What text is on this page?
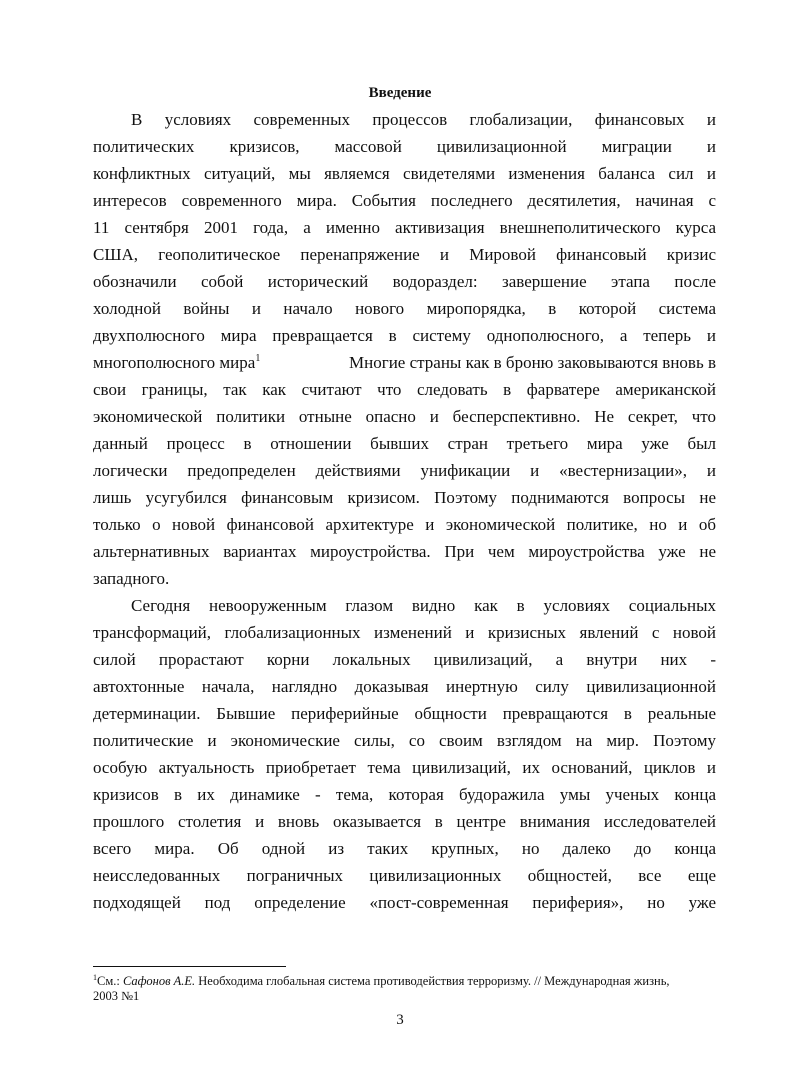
Введение
В условиях современных процессов глобализации, финансовых и
политических кризисов, массовой цивилизационной миграции и
конфликтных ситуаций, мы являемся свидетелями изменения баланса сил и
интересов современного мира. События последнего десятилетия, начиная с
11 сентября 2001 года, а именно активизация внешнеполитического курса
США, геополитическое перенапряжение и Мировой финансовый кризис
обозначили собой исторический водораздел: завершение этапа после
холодной войны и начало нового миропорядка, в которой система
двухполюсного мира превращается в систему однополюсного, а теперь и
многополюсного мира$^1$	Многие страны как в броню заковываются вновь в
свои границы, так как считают что следовать в фарватере американской
экономической политики отныне опасно и бесперспективно. Не секрет, что
данный процесс в отношении бывших стран третьего мира уже был
логически предопределен действиями унификации и «вестернизации», и
лишь усугубился финансовым кризисом. Поэтому поднимаются вопросы не
только о новой финансовой архитектуре и экономической политике, но и об
альтернативных вариантах мироустройства. При чем мироустройства уже не
западного.
Сегодня невооруженным глазом видно как в условиях социальных
трансформаций, глобализационных изменений и кризисных явлений с новой
силой прорастают корни локальных цивилизаций, а внутри них -
автохтонные начала, наглядно доказывая инертную силу цивилизационной
детерминации. Бывшие периферийные общности превращаются в реальные
политические и экономические силы, со своим взглядом на мир. Поэтому
особую актуальность приобретает тема цивилизаций, их оснований, циклов и
кризисов в их динамике - тема, которая будоражила умы ученых конца
прошлого столетия и вновь оказывается в центре внимания исследователей
всего мира. Об одной из таких крупных, но далеко до конца
неисследованных пограничных цивилизационных общностей, все еще
подходящей под определение «пост-современная периферия», но уже
$^1$См.: Сафонов А.Е. Необходима глобальная система противодействия терроризму. // Международная жизнь,
2003 №1
3
